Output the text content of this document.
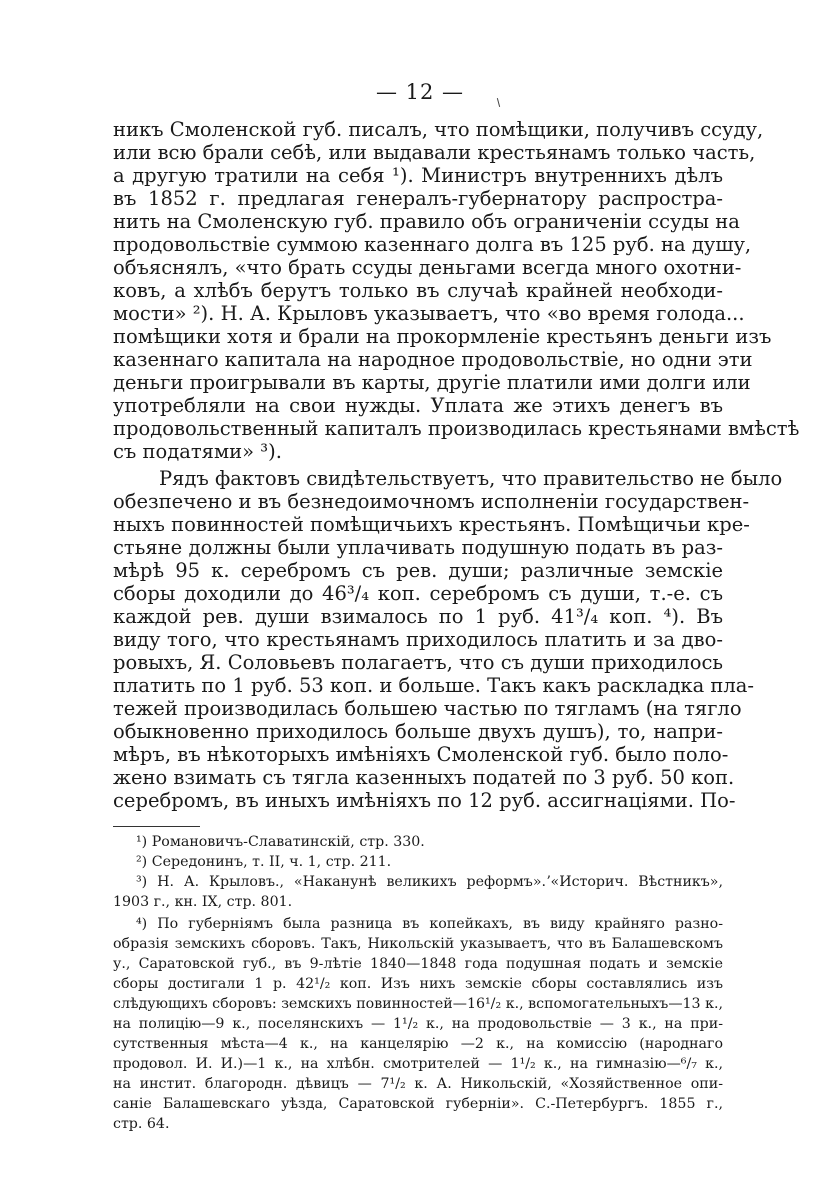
— 12 —
никъ Смоленской губ. писалъ, что помѣщики, получивъ ссуду,
или всю брали себѣ, или выдавали крестьянамъ только часть,
а другую тратили на себя ¹). Министръ внутреннихъ дѣлъ
въ 1852 г. предлагая генералъ-губернатору распростра-
нить на Смоленскую губ. правило объ ограниченіи ссуды на
продовольствіе суммою казеннаго долга въ 125 руб. на душу,
объяснялъ, «что брать ссуды деньгами всегда много охотни-
ковъ, а хлѣбъ берутъ только въ случаѣ крайней необходи-
мости» ²). Н. А. Крыловъ указываетъ, что «во время голода...
помѣщики хотя и брали на прокормленіе крестьянъ деньги изъ
казеннаго капитала на народное продовольствіе, но одни эти
деньги проигрывали въ карты, другіе платили ими долги или
употребляли на свои нужды. Уплата же этихъ денегъ въ
продовольственный капиталъ производилась крестьянами вмѣстѣ
съ податями» ³).
Рядъ фактовъ свидѣтельствуетъ, что правительство не было
обезпечено и въ безнедоимочномъ исполненіи государствен-
ныхъ повинностей помѣщичьихъ крестьянъ. Помѣщичьи кре-
стьяне должны были уплачивать подушную подать въ раз-
мѣрѣ 95 к. серебромъ съ рев. души; различные земскіе
сборы доходили до 46³/₄ коп. серебромъ съ души, т.-е. съ
каждой рев. души взималось по 1 руб. 41³/₄ коп. ⁴). Въ
виду того, что крестьянамъ приходилось платить и за дво-
ровыхъ, Я. Соловьевъ полагаетъ, что съ души приходилось
платить по 1 руб. 53 коп. и больше. Такъ какъ раскладка пла-
тежей производилась большею частью по тягламъ (на тягло
обыкновенно приходилось больше двухъ душъ), то, напри-
мѣръ, въ нѣкоторыхъ имѣніяхъ Смоленской губ. было поло-
жено взимать съ тягла казенныхъ податей по 3 руб. 50 коп.
серебромъ, въ иныхъ имѣніяхъ по 12 руб. ассигнаціями. По-
¹) Романовичъ-Славатинскій, стр. 330.
²) Середонинъ, т. II, ч. 1, стр. 211.
³) Н. А. Крыловъ., «Наканунѣ великихъ реформъ».ʼ«Историч. Вѣстникъ»,
1903 г., кн. IX, стр. 801.
⁴) По губерніямъ была разница въ копейкахъ, въ виду крайняго разно-
образія земскихъ сборовъ. Такъ, Никольскій указываетъ, что въ Балашевскомъ
у., Саратовской губ., въ 9-лѣтіе 1840—1848 года подушная подать и земскіе
сборы достигали 1 р. 42¹/₂ коп. Изъ нихъ земскіе сборы составлялись изъ
слѣдующихъ сборовъ: земскихъ повинностей—16¹/₂ к., вспомогательныхъ—13 к.,
на полицію—9 к., поселянскихъ — 1¹/₂ к., на продовольствіе — 3 к., на при-
сутственныя мѣста—4 к., на канцелярію —2 к., на комиссію (народнаго
продовол. И. И.)—1 к., на хлѣбн. смотрителей — 1¹/₂ к., на гимназію—⁶/₇ к.,
на инстит. благородн. дѣвицъ — 7¹/₂ к. А. Никольскій, «Хозяйственное опи-
саніе Балашевскаго уѣзда, Саратовской губерніи». С.-Петербургъ. 1855 г.,
стр. 64.
